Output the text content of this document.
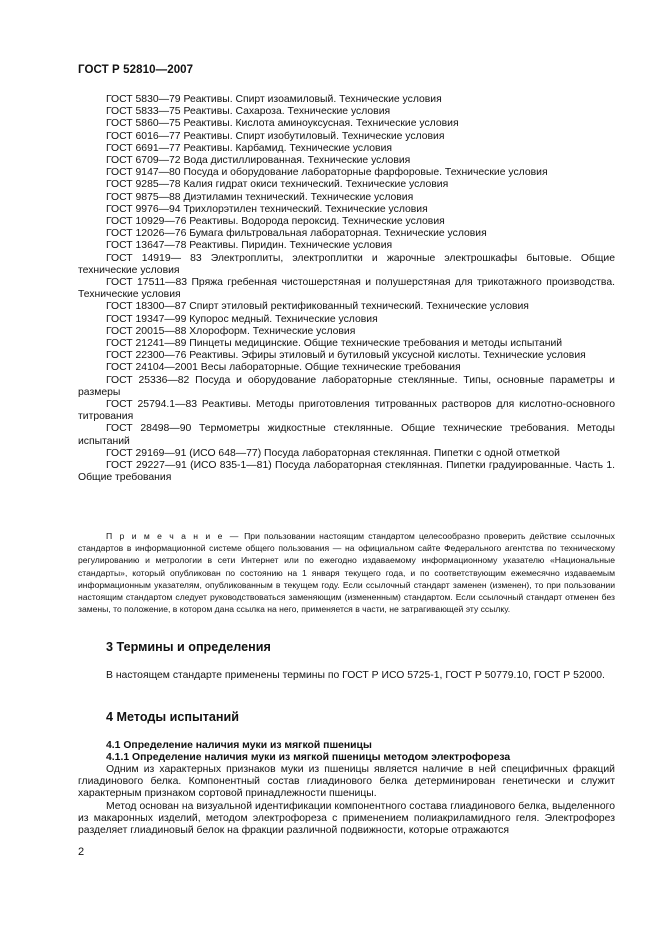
ГОСТ Р 52810—2007

ГОСТ 5830—79 Реактивы. Спирт изоамиловый. Технические условия

ГОСТ 5833—75 Реактивы. Сахароза. Технические условия

ГОСТ 5860—75 Реактивы. Кислота аминоуксусная. Технические условия

ГОСТ 6016—77 Реактивы. Спирт изобутиловый. Технические условия

ГОСТ 6691—77 Реактивы. Карбамид. Технические условия

ГОСТ 6709—72 Вода дистиллированная. Технические условия

ГОСТ 9147—80 Посуда и оборудование лабораторные фарфоровые. Технические условия

ГОСТ 9285—78 Калия гидрат окиси технический. Технические условия

ГОСТ 9875—88 Диэтиламин технический. Технические условия

ГОСТ 9976—94 Трихлорэтилен технический. Технические условия

ГОСТ 10929—76 Реактивы. Водорода пероксид. Технические условия

ГОСТ 12026—76 Бумага фильтровальная лабораторная. Технические условия

ГОСТ 13647—78 Реактивы. Пиридин. Технические условия

ГОСТ 14919— 83 Электроплиты, электроплитки и жарочные электрошкафы бытовые. Общие технические условия

ГОСТ 17511—83 Пряжа гребенная чистошерстяная и полушерстяная для трикотажного производства. Технические условия

ГОСТ 18300—87 Спирт этиловый ректификованный технический. Технические условия

ГОСТ 19347—99 Купорос медный. Технические условия

ГОСТ 20015—88 Хлороформ. Технические условия

ГОСТ 21241—89 Пинцеты медицинские. Общие технические требования и методы испытаний

ГОСТ 22300—76 Реактивы. Эфиры этиловый и бутиловый уксусной кислоты. Технические условия

ГОСТ 24104—2001 Весы лабораторные. Общие технические требования

ГОСТ 25336—82 Посуда и оборудование лабораторные стеклянные. Типы, основные параметры и размеры

ГОСТ 25794.1—83 Реактивы. Методы приготовления титрованных растворов для кислотно-основного титрования

ГОСТ 28498—90 Термометры жидкостные стеклянные. Общие технические требования. Методы испытаний

ГОСТ 29169—91 (ИСО 648—77) Посуда лабораторная стеклянная. Пипетки с одной отметкой

ГОСТ 29227—91 (ИСО 835-1—81) Посуда лабораторная стеклянная. Пипетки градуированные. Часть 1. Общие требования

П р и м е ч а н и е — При пользовании настоящим стандартом целесообразно проверить действие ссылочных стандартов в информационной системе общего пользования — на официальном сайте Федерального агентства по техническому регулированию и метрологии в сети Интернет или по ежегодно издаваемому информационному указателю «Национальные стандарты», который опубликован по состоянию на 1 января текущего года, и по соответствующим ежемесячно издаваемым информационным указателям, опубликованным в текущем году. Если ссылочный стандарт заменен (изменен), то при пользовании настоящим стандартом следует руководствоваться заменяющим (измененным) стандартом. Если ссылочный стандарт отменен без замены, то положение, в котором дана ссылка на него, применяется в части, не затрагивающей эту ссылку.

3 Термины и определения

В настоящем стандарте применены термины по ГОСТ Р ИСО 5725-1, ГОСТ Р 50779.10, ГОСТ Р 52000.

4 Методы испытаний
4.1 Определение наличия муки из мягкой пшеницы
4.1.1 Определение наличия муки из мягкой пшеницы методом электрофореза

Одним из характерных признаков муки из пшеницы является наличие в ней специфичных фракций глиадинового белка. Компонентный состав глиадинового белка детерминирован генетически и служит характерным признаком сортовой принадлежности пшеницы.

Метод основан на визуальной идентификации компонентного состава глиадинового белка, выделенного из макаронных изделий, методом электрофореза с применением полиакриламидного геля. Электрофорез разделяет глиадиновый белок на фракции различной подвижности, которые отражаются

2
